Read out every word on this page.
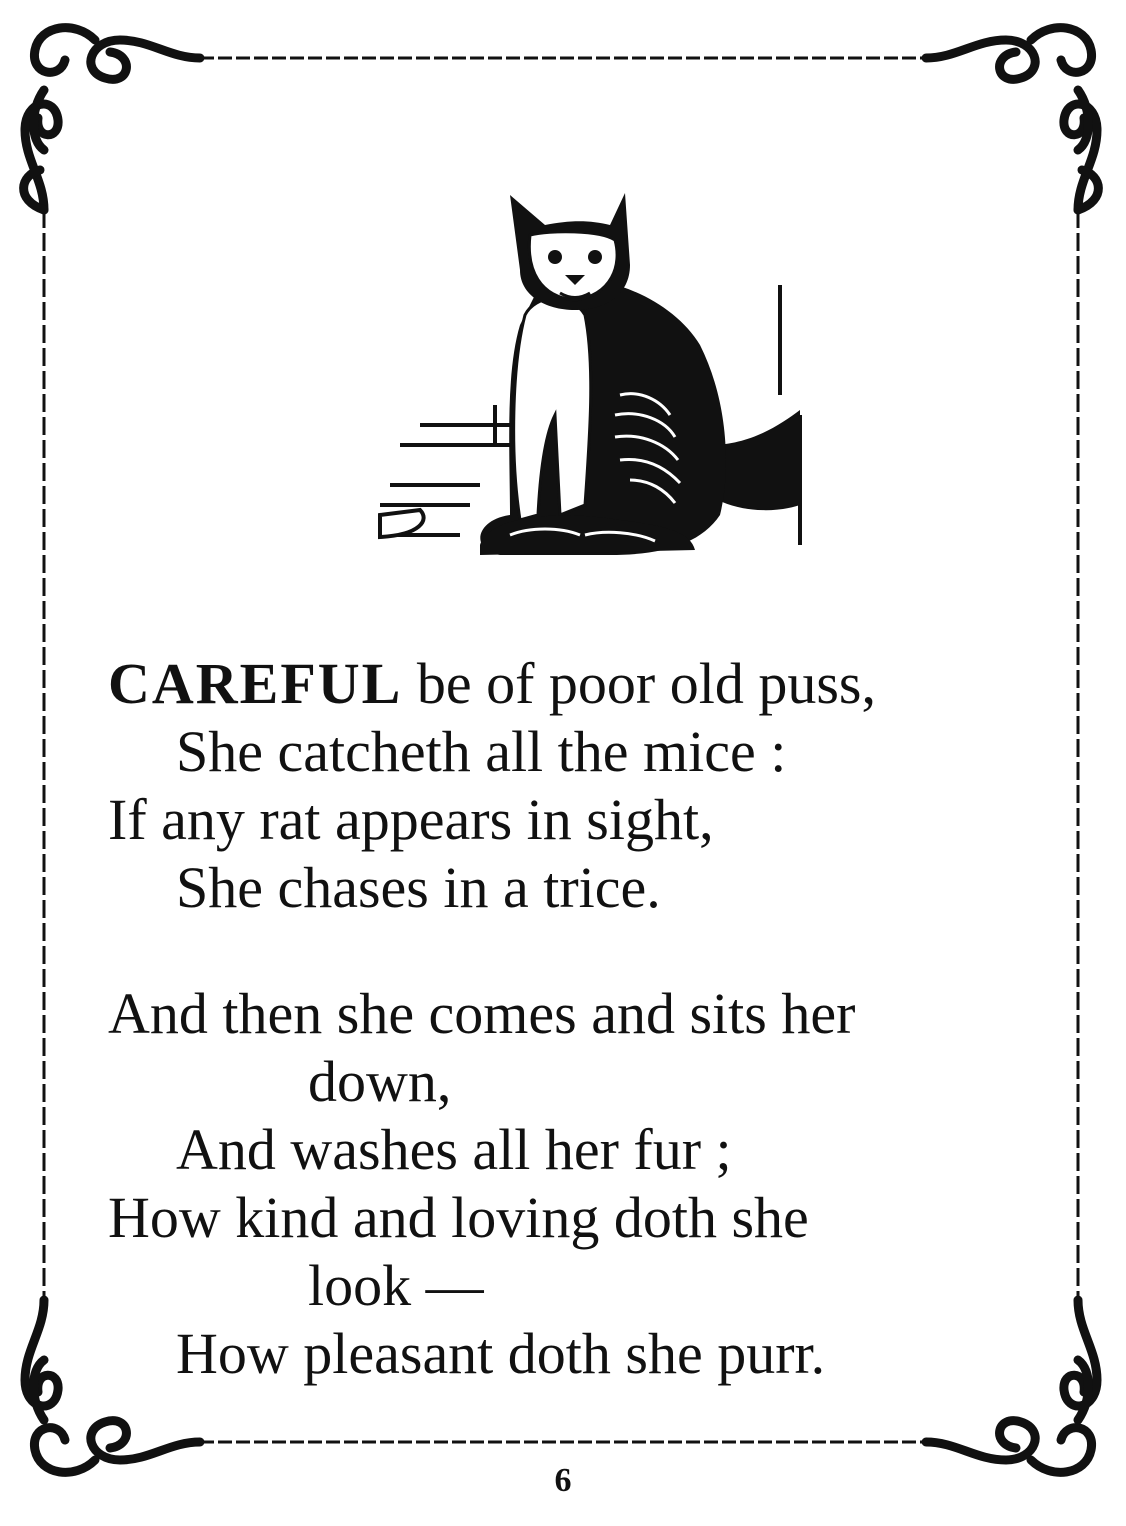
CAREFUL be of poor old puss,
She catcheth all the mice :
If any rat appears in sight,
She chases in a trice.
And then she comes and sits her
down,
And washes all her fur ;
How kind and loving doth she
look —
How pleasant doth she purr.
6
